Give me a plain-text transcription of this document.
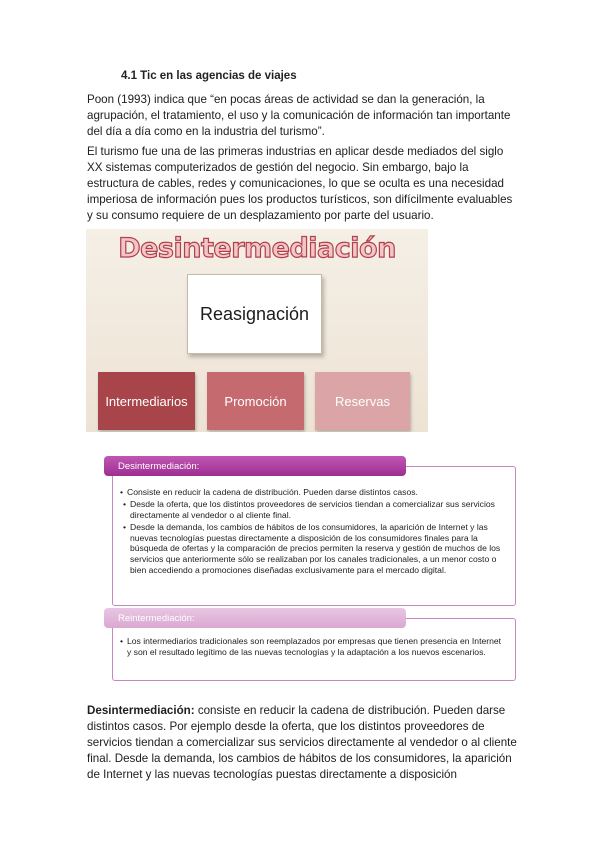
4.1 Tic en las agencias de viajes

Poon (1993) indica que “en pocas áreas de actividad se dan la generación, la agrupación, el tratamiento, el uso y la comunicación de información tan importante del día a día como en la industria del turismo”.

El turismo fue una de las primeras industrias en aplicar desde mediados del siglo XX sistemas computerizados de gestión del negocio. Sin embargo, bajo la estructura de cables, redes y comunicaciones, lo que se oculta es una necesidad imperiosa de información pues los productos turísticos, son difícilmente evaluables y su consumo requiere de un desplazamiento por parte del usuario.

Desintermediación
Reasignación
Intermediarios	Promoción	Reservas
Desintermediación:
• Consiste en reducir la cadena de distribución. Pueden darse distintos casos.
• Desde la oferta, que los distintos proveedores de servicios tiendan a comercializar sus servicios directamente al vendedor o al cliente final.
• Desde la demanda, los cambios de hábitos de los consumidores, la aparición de Internet y las nuevas tecnologías puestas directamente a disposición de los consumidores finales para la búsqueda de ofertas y la comparación de precios permiten la reserva y gestión de muchos de los servicios que anteriormente sólo se realizaban por los canales tradicionales, a un menor costo o bien accediendo a promociones diseñadas exclusivamente para el mercado digital.
Reintermediación:
• Los intermediarios tradicionales son reemplazados por empresas que tienen presencia en Internet y son el resultado legítimo de las nuevas tecnologías y la adaptación a los nuevos escenarios.

Desintermediación: consiste en reducir la cadena de distribución. Pueden darse distintos casos. Por ejemplo desde la oferta, que los distintos proveedores de servicios tiendan a comercializar sus servicios directamente al vendedor o al cliente final. Desde la demanda, los cambios de hábitos de los consumidores, la aparición de Internet y las nuevas tecnologías puestas directamente a disposición
